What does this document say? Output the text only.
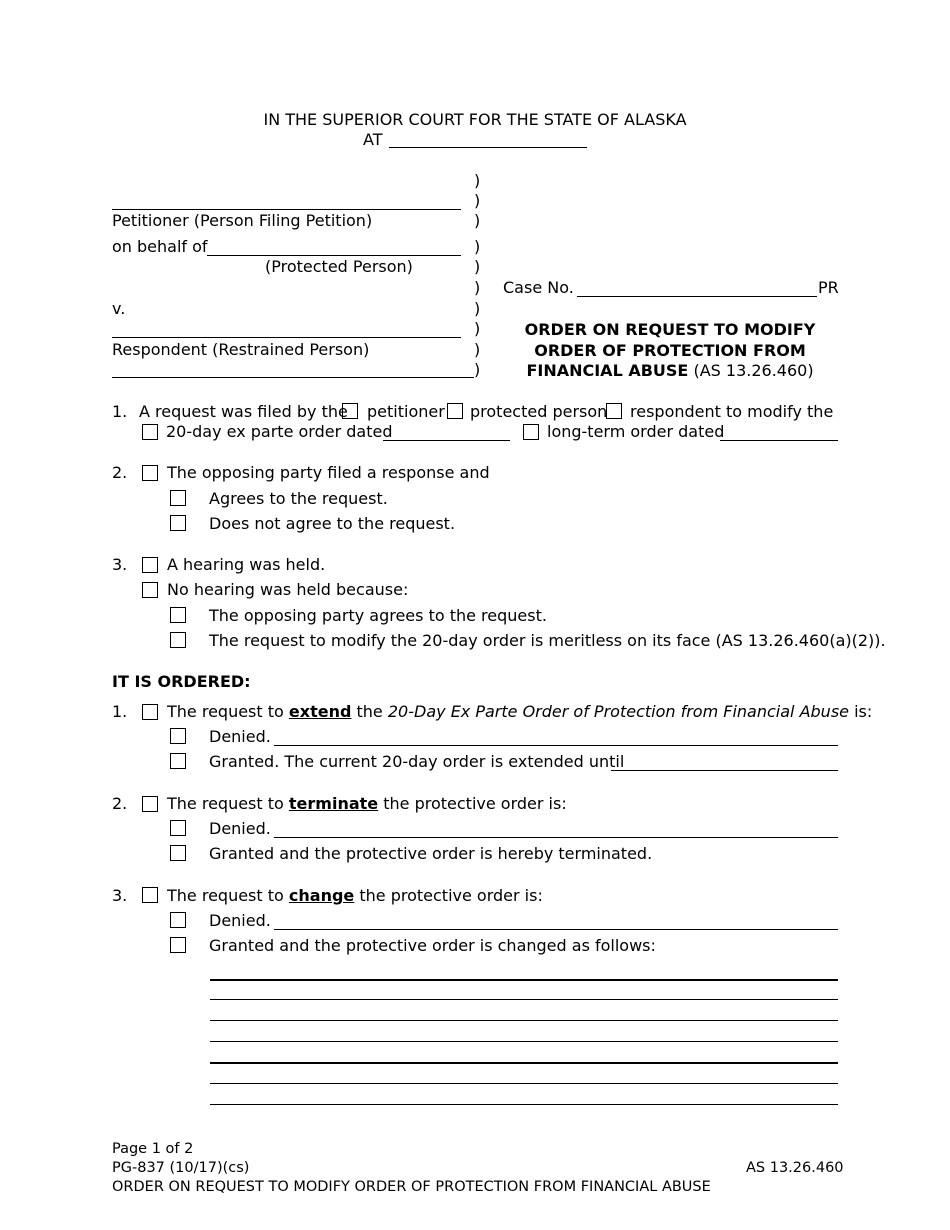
IN THE SUPERIOR COURT FOR THE STATE OF ALASKA
AT
Petitioner (Person Filing Petition)
on behalf of
(Protected Person)
v.
Respondent (Restrained Person)
)
)
)
)
)
)
)
)
)
)
Case No.	PR
ORDER ON REQUEST TO MODIFY
ORDER OF PROTECTION FROM
FINANCIAL ABUSE (AS 13.26.460)
1. A request was filed by the petitioner protected person respondent to modify the
20-day ex parte order dated	long-term order dated
2. The opposing party filed a response and
Agrees to the request.
Does not agree to the request.
3. A hearing was held.
No hearing was held because:
The opposing party agrees to the request.
The request to modify the 20-day order is meritless on its face (AS 13.26.460(a)(2)).
IT IS ORDERED:
1. The request to extend the 20-Day Ex Parte Order of Protection from Financial Abuse is:
Denied.
Granted. The current 20-day order is extended until
2. The request to terminate the protective order is:
Denied.
Granted and the protective order is hereby terminated.
3. The request to change the protective order is:
Denied.
Granted and the protective order is changed as follows:
Page 1 of 2
PG-837 (10/17)(cs)	AS 13.26.460
ORDER ON REQUEST TO MODIFY ORDER OF PROTECTION FROM FINANCIAL ABUSE
